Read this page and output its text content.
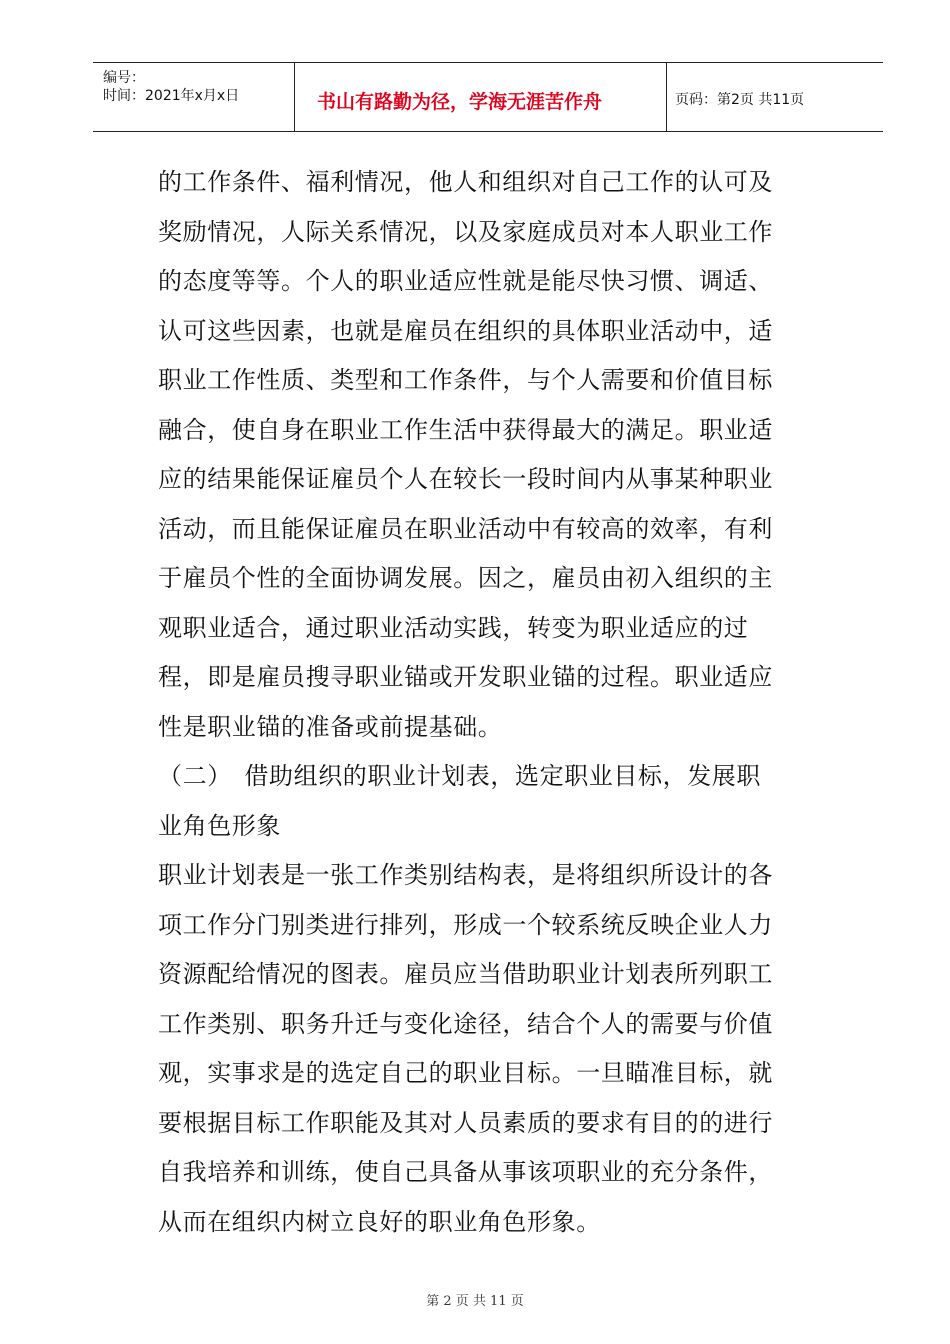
编号：
时间：2021年x月x日	书山有路勤为径，学海无涯苦作舟	页码：第2页 共11页
的工作条件、福利情况，他人和组织对自己工作的认可及
奖励情况，人际关系情况，以及家庭成员对本人职业工作
的态度等等。个人的职业适应性就是能尽快习惯、调适、
认可这些因素，也就是雇员在组织的具体职业活动中，适
职业工作性质、类型和工作条件，与个人需要和价值目标
融合，使自身在职业工作生活中获得最大的满足。职业适
应的结果能保证雇员个人在较长一段时间内从事某种职业
活动，而且能保证雇员在职业活动中有较高的效率，有利
于雇员个性的全面协调发展。因之，雇员由初入组织的主
观职业适合，通过职业活动实践，转变为职业适应的过
程，即是雇员搜寻职业锚或开发职业锚的过程。职业适应
性是职业锚的准备或前提基础。
（二）　借助组织的职业计划表，选定职业目标，发展职
业角色形象
职业计划表是一张工作类别结构表，是将组织所设计的各
项工作分门别类进行排列，形成一个较系统反映企业人力
资源配给情况的图表。雇员应当借助职业计划表所列职工
工作类别、职务升迁与变化途径，结合个人的需要与价值
观，实事求是的选定自己的职业目标。一旦瞄准目标，就
要根据目标工作职能及其对人员素质的要求有目的的进行
自我培养和训练，使自己具备从事该项职业的充分条件，
从而在组织内树立良好的职业角色形象。
第 2 页 共 11 页
